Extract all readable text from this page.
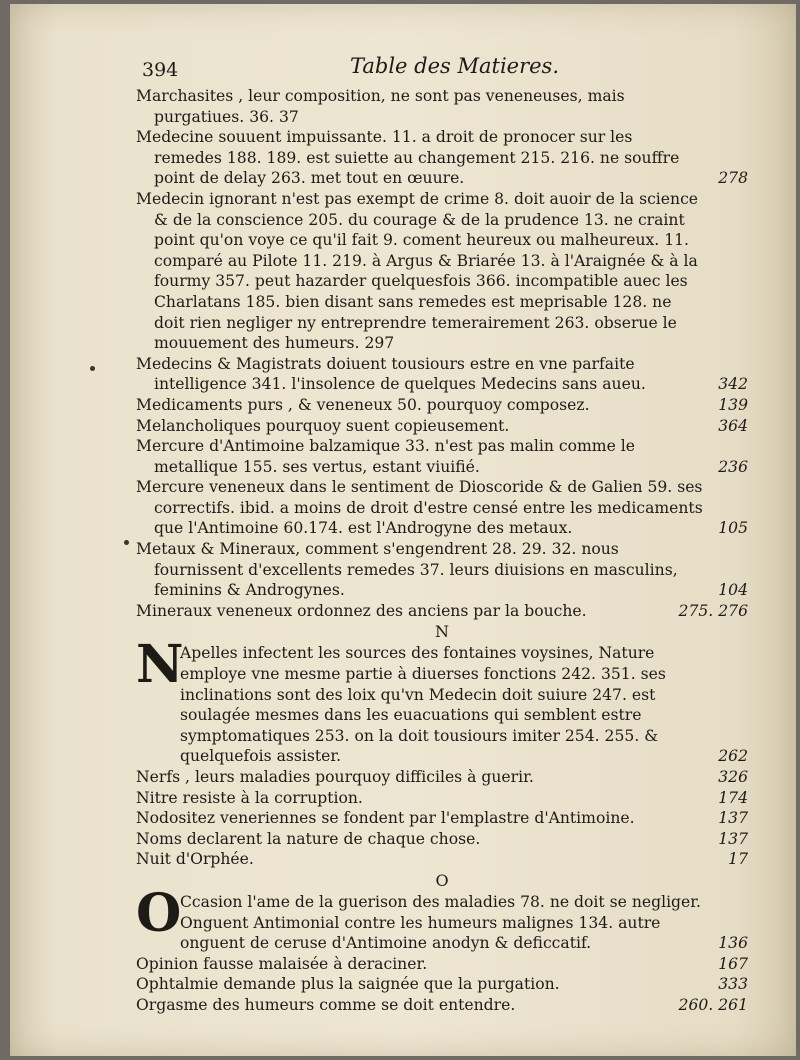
394	Table des Matieres.
Marchasites , leur composition, ne sont pas veneneuses, mais purgatiues. 36. 37
Medecine souuent impuissante. 11. a droit de pronocer sur les remedes 188. 189. est suiette au changement 215. 216. ne souffre point de delay 263. met tout en œuure.	278
Medecin ignorant n'est pas exempt de crime 8. doit auoir de la science & de la conscience 205. du courage & de la prudence 13. ne craint point qu'on voye ce qu'il fait 9. coment heureux ou malheureux. 11. comparé au Pilote 11. 219. à Argus & Briarée 13. à l'Araignée & à la fourmy 357. peut hazarder quelquesfois 366. incompatible auec les Charlatans 185. bien disant sans remedes est meprisable 128. ne doit rien negliger ny entreprendre temerairement 263. obserue le mouuement des humeurs. 297
Medecins & Magistrats doiuent tousiours estre en vne parfaite intelligence 341. l'insolence de quelques Medecins sans aueu.	342
Medicaments purs , & veneneux 50. pourquoy composez.	139
Melancholiques pourquoy suent copieusement.	364
Mercure d'Antimoine balzamique 33. n'est pas malin comme le metallique 155. ses vertus, estant viuifié.	236
Mercure veneneux dans le sentiment de Dioscoride & de Galien 59. ses correctifs. ibid. a moins de droit d'estre censé entre les medicaments que l'Antimoine 60.174. est l'Androgyne des metaux.	105
Metaux & Mineraux, comment s'engendrent 28. 29. 32. nous fournissent d'excellents remedes 37. leurs diuisions en masculins, feminins & Androgynes.	104
Mineraux veneneux ordonnez des anciens par la bouche.	275. 276
N
N
Apelles infectent les sources des fontaines voysines, Nature employe vne mesme partie à diuerses fonctions 242. 351. ses inclinations sont des loix qu'vn Medecin doit suiure 247. est soulagée mesmes dans les euacuations qui semblent estre symptomatiques 253. on la doit tousiours imiter 254. 255. & quelquefois assister.	262
Nerfs , leurs maladies pourquoy difficiles à guerir.	326
Nitre resiste à la corruption.	174
Nodositez veneriennes se fondent par l'emplastre d'Antimoine.	137
Noms declarent la nature de chaque chose.	137
Nuit d'Orphée.	17
O
O
Ccasion l'ame de la guerison des maladies 78. ne doit se negliger. Onguent Antimonial contre les humeurs malignes 134. autre onguent de ceruse d'Antimoine anodyn & deficcatif.	136
Opinion fausse malaisée à deraciner.	167
Ophtalmie demande plus la saignée que la purgation.	333
Orgasme des humeurs comme se doit entendre.	260. 261
